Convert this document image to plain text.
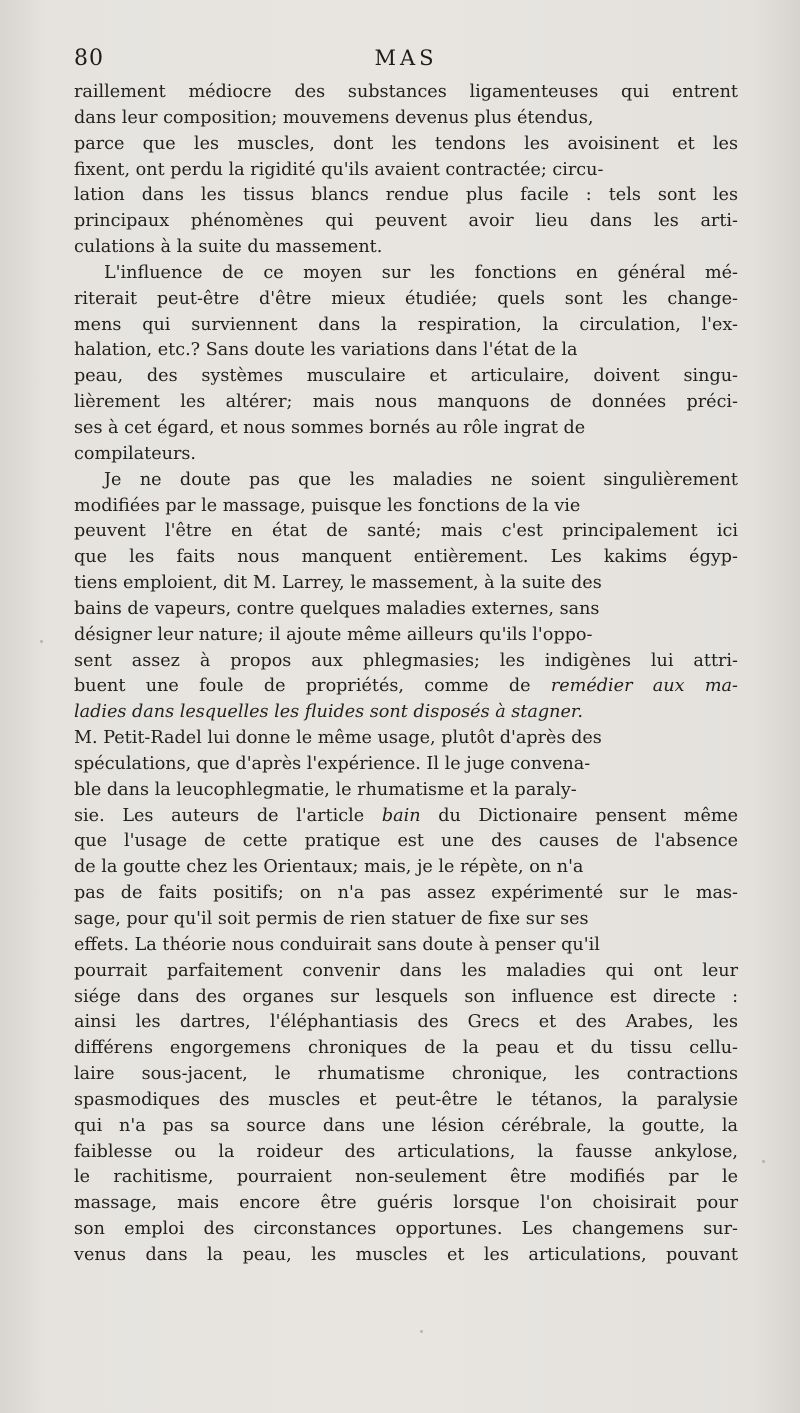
80	MAS
raillement médiocre des substances ligamenteuses qui entrent
dans leur composition; mouvemens devenus plus étendus,
parce que les muscles, dont les tendons les avoisinent et les
fixent, ont perdu la rigidité qu'ils avaient contractée; circu-
lation dans les tissus blancs rendue plus facile : tels sont les
principaux phénomènes qui peuvent avoir lieu dans les arti-
culations à la suite du massement.
L'influence de ce moyen sur les fonctions en général mé-
riterait peut-être d'être mieux étudiée; quels sont les change-
mens qui surviennent dans la respiration, la circulation, l'ex-
halation, etc.? Sans doute les variations dans l'état de la
peau, des systèmes musculaire et articulaire, doivent singu-
lièrement les altérer; mais nous manquons de données préci-
ses à cet égard, et nous sommes bornés au rôle ingrat de
compilateurs.
Je ne doute pas que les maladies ne soient singulièrement
modifiées par le massage, puisque les fonctions de la vie
peuvent l'être en état de santé; mais c'est principalement ici
que les faits nous manquent entièrement. Les kakims égyp-
tiens emploient, dit M. Larrey, le massement, à la suite des
bains de vapeurs, contre quelques maladies externes, sans
désigner leur nature; il ajoute même ailleurs qu'ils l'oppo-
sent assez à propos aux phlegmasies; les indigènes lui attri-
buent une foule de propriétés, comme de remédier aux ma-
ladies dans lesquelles les fluides sont disposés à stagner.
M. Petit-Radel lui donne le même usage, plutôt d'après des
spéculations, que d'après l'expérience. Il le juge convena-
ble dans la leucophlegmatie, le rhumatisme et la paraly-
sie. Les auteurs de l'article bain du Dictionaire pensent même
que l'usage de cette pratique est une des causes de l'absence
de la goutte chez les Orientaux; mais, je le répète, on n'a
pas de faits positifs; on n'a pas assez expérimenté sur le mas-
sage, pour qu'il soit permis de rien statuer de fixe sur ses
effets. La théorie nous conduirait sans doute à penser qu'il
pourrait parfaitement convenir dans les maladies qui ont leur
siége dans des organes sur lesquels son influence est directe :
ainsi les dartres, l'éléphantiasis des Grecs et des Arabes, les
différens engorgemens chroniques de la peau et du tissu cellu-
laire sous-jacent, le rhumatisme chronique, les contractions
spasmodiques des muscles et peut-être le tétanos, la paralysie
qui n'a pas sa source dans une lésion cérébrale, la goutte, la
faiblesse ou la roideur des articulations, la fausse ankylose,
le rachitisme, pourraient non-seulement être modifiés par le
massage, mais encore être guéris lorsque l'on choisirait pour
son emploi des circonstances opportunes. Les changemens sur-
venus dans la peau, les muscles et les articulations, pouvant
